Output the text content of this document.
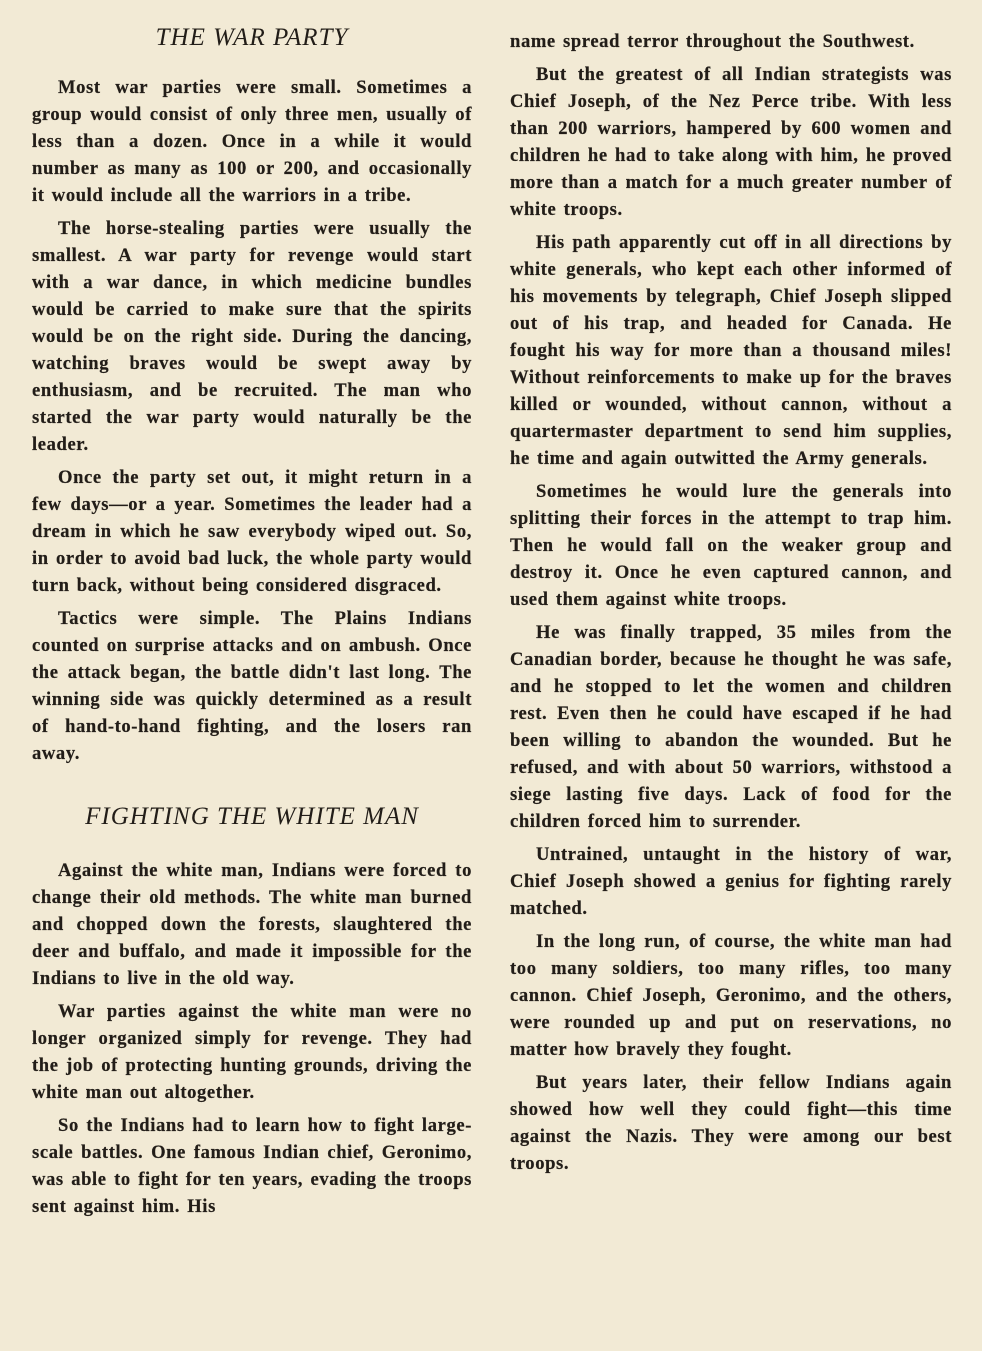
THE WAR PARTY

Most war parties were small. Sometimes a group would consist of only three men, usually of less than a dozen. Once in a while it would number as many as 100 or 200, and occasionally it would include all the warriors in a tribe.

The horse-stealing parties were usually the smallest. A war party for revenge would start with a war dance, in which medicine bundles would be carried to make sure that the spirits would be on the right side. During the dancing, watching braves would be swept away by enthusiasm, and be recruited. The man who started the war party would naturally be the leader.

Once the party set out, it might return in a few days—or a year. Sometimes the leader had a dream in which he saw everybody wiped out. So, in order to avoid bad luck, the whole party would turn back, without being considered disgraced.

Tactics were simple. The Plains Indians counted on surprise attacks and on ambush. Once the attack began, the battle didn't last long. The winning side was quickly determined as a result of hand-to-hand fighting, and the losers ran away.

FIGHTING THE WHITE MAN

Against the white man, Indians were forced to change their old methods. The white man burned and chopped down the forests, slaughtered the deer and buffalo, and made it impossible for the Indians to live in the old way.

War parties against the white man were no longer organized simply for revenge. They had the job of protecting hunting grounds, driving the white man out altogether.

So the Indians had to learn how to fight large-scale battles. One famous Indian chief, Geronimo, was able to fight for ten years, evading the troops sent against him. His

name spread terror throughout the Southwest.

But the greatest of all Indian strategists was Chief Joseph, of the Nez Perce tribe. With less than 200 warriors, hampered by 600 women and children he had to take along with him, he proved more than a match for a much greater number of white troops.

His path apparently cut off in all directions by white generals, who kept each other informed of his movements by telegraph, Chief Joseph slipped out of his trap, and headed for Canada. He fought his way for more than a thousand miles! Without reinforcements to make up for the braves killed or wounded, without cannon, without a quartermaster department to send him supplies, he time and again outwitted the Army generals.

Sometimes he would lure the generals into splitting their forces in the attempt to trap him. Then he would fall on the weaker group and destroy it. Once he even captured cannon, and used them against white troops.

He was finally trapped, 35 miles from the Canadian border, because he thought he was safe, and he stopped to let the women and children rest. Even then he could have escaped if he had been willing to abandon the wounded. But he refused, and with about 50 warriors, withstood a siege lasting five days. Lack of food for the children forced him to surrender.

Untrained, untaught in the history of war, Chief Joseph showed a genius for fighting rarely matched.

In the long run, of course, the white man had too many soldiers, too many rifles, too many cannon. Chief Joseph, Geronimo, and the others, were rounded up and put on reservations, no matter how bravely they fought.

But years later, their fellow Indians again showed how well they could fight—this time against the Nazis. They were among our best troops.
